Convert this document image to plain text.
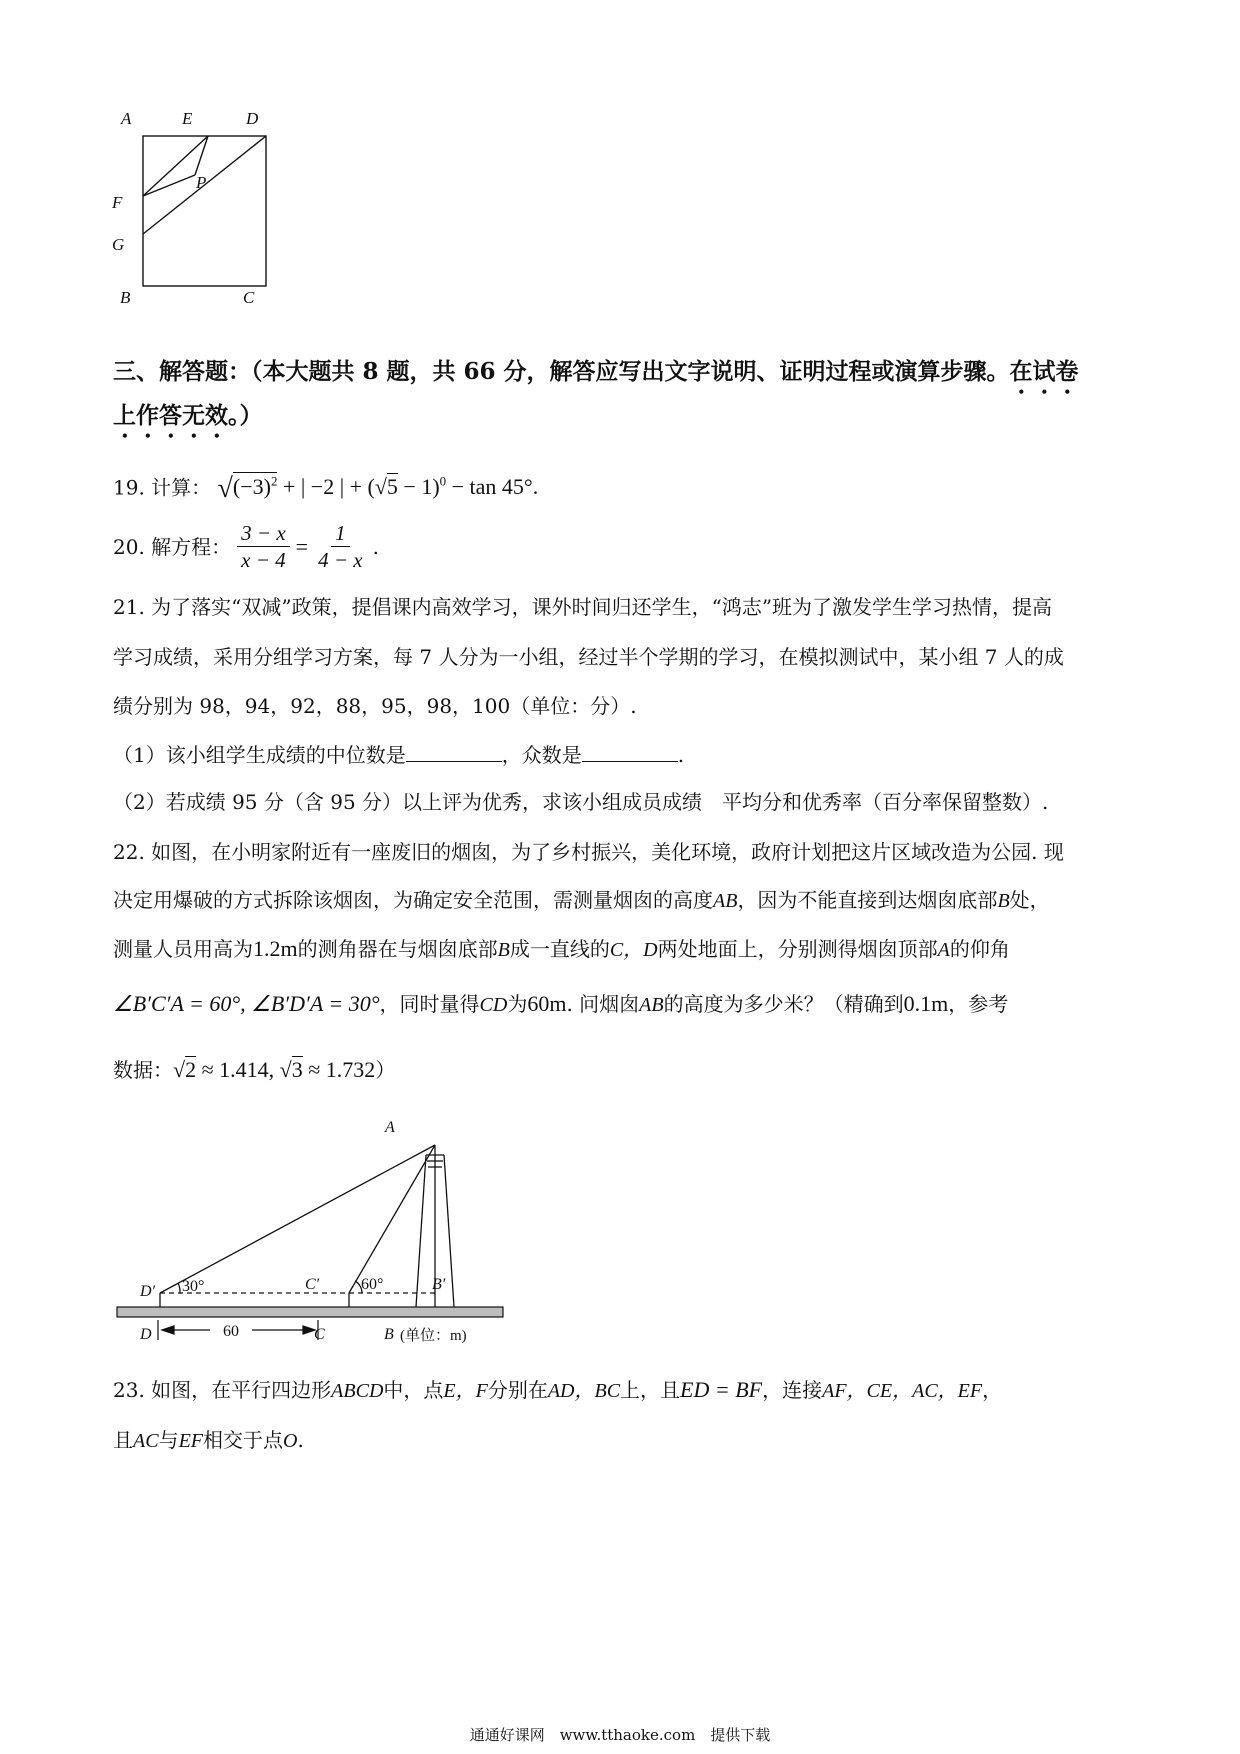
A	E	D
P
F
G
B	C
三、解答题：（本大题共 8 题，共 66 分，解答应写出文字说明、证明过程或演算步骤。在试卷
上作答无效。）
19. 计算： $√(-3)^2$ + | −2 | + $(√5 - 1)^0 - \tan 45^\circ$.
20. 解方程： $\frac{3 - x}{x - 4} = \frac{1}{4 - x}$ .
21. 为了落实“双减”政策，提倡课内高效学习，课外时间归还学生，“鸿志”班为了激发学生学习热情，提高
学习成绩，采用分组学习方案，每 7 人分为一小组，经过半个学期的学习，在模拟测试中，某小组 7 人的成
绩分别为 98，94，92，88，95，98，100（单位：分）.
（1）该小组学生成绩的中位数是	，众数是	.
（2）若成绩 95 分（含 95 分）以上评为优秀，求该小组成员成绩　平均分和优秀率（百分率保留整数）.
22. 如图，在小明家附近有一座废旧的烟囱，为了乡村振兴，美化环境，政府计划把这片区域改造为公园. 现
决定用爆破的方式拆除该烟囱，为确定安全范围，需测量烟囱的高度AB，因为不能直接到达烟囱底部B处，
测量人员用高为1.2m的测角器在与烟囱底部B成一直线的C，D两处地面上，分别测得烟囱顶部A的仰角
∠B′C′A = 60°, ∠B′D′A = 30°，同时量得CD为60m. 问烟囱AB的高度为多少米？（精确到0.1m，参考
数据：√2 ≈ 1.414, √3 ≈ 1.732）
A
D′	C′	B′
30°	60°
D	C	B
60	(单位：m)
23. 如图，在平行四边形ABCD中，点E，F分别在AD，BC上，且ED = BF，连接AF，CE，AC，EF，
且AC与EF相交于点O.
通通好课网　www.tthaoke.com　提供下载
